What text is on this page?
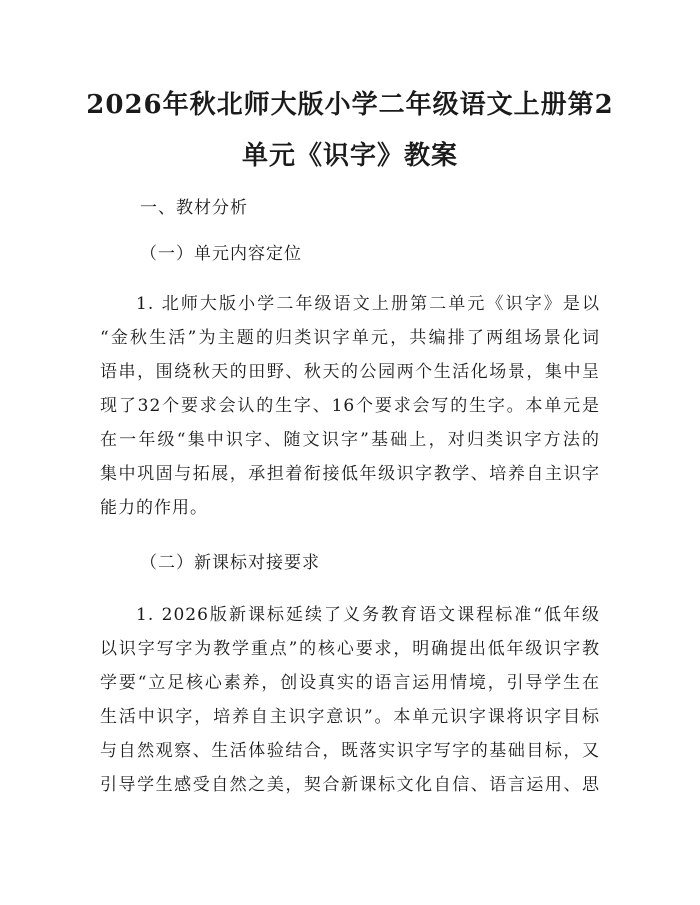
2026年秋北师大版小学二年级语文上册第2
单元《识字》教案
一、教材分析
（一）单元内容定位
1. 北师大版小学二年级语文上册第二单元《识字》是以
“金秋生活”为主题的归类识字单元，共编排了两组场景化词
语串，围绕秋天的田野、秋天的公园两个生活化场景，集中呈
现了32个要求会认的生字、16个要求会写的生字。本单元是
在一年级“集中识字、随文识字”基础上，对归类识字方法的
集中巩固与拓展，承担着衔接低年级识字教学、培养自主识字
能力的作用。
（二）新课标对接要求
1. 2026版新课标延续了义务教育语文课程标准“低年级
以识字写字为教学重点”的核心要求，明确提出低年级识字教
学要“立足核心素养，创设真实的语言运用情境，引导学生在
生活中识字，培养自主识字意识”。本单元识字课将识字目标
与自然观察、生活体验结合，既落实识字写字的基础目标，又
引导学生感受自然之美，契合新课标文化自信、语言运用、思
